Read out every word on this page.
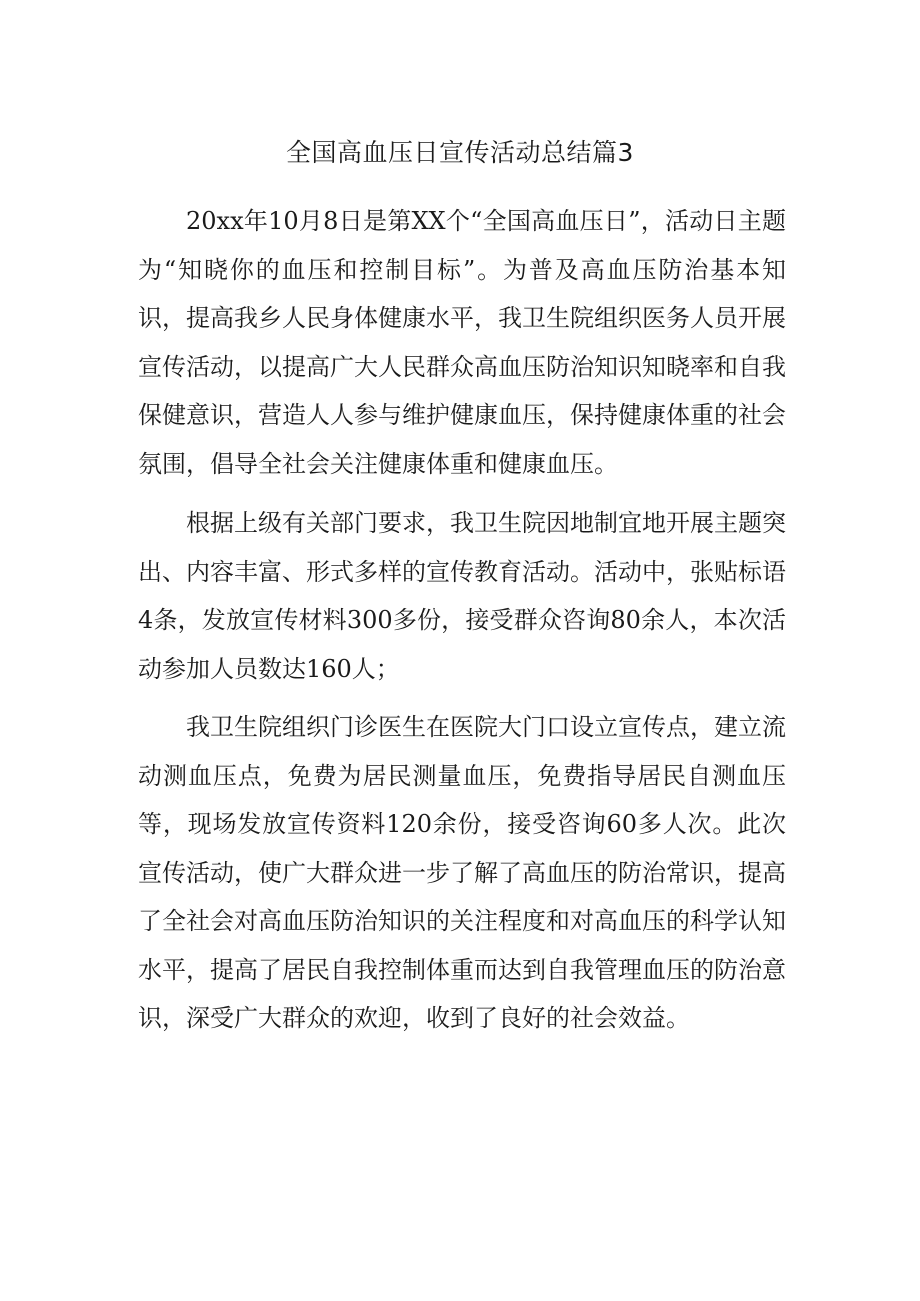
全国高血压日宣传活动总结篇3

20xx年10月8日是第XX个“全国高血压日”，活动日主题为“知晓你的血压和控制目标”。为普及高血压防治基本知识，提高我乡人民身体健康水平，我卫生院组织医务人员开展宣传活动，以提高广大人民群众高血压防治知识知晓率和自我保健意识，营造人人参与维护健康血压，保持健康体重的社会氛围，倡导全社会关注健康体重和健康血压。

根据上级有关部门要求，我卫生院因地制宜地开展主题突出、内容丰富、形式多样的宣传教育活动。活动中，张贴标语4条，发放宣传材料300多份，接受群众咨询80余人，本次活动参加人员数达160人；

我卫生院组织门诊医生在医院大门口设立宣传点，建立流动测血压点，免费为居民测量血压，免费指导居民自测血压等，现场发放宣传资料120余份，接受咨询60多人次。此次宣传活动，使广大群众进一步了解了高血压的防治常识，提高了全社会对高血压防治知识的关注程度和对高血压的科学认知水平，提高了居民自我控制体重而达到自我管理血压的防治意识，深受广大群众的欢迎，收到了良好的社会效益。
